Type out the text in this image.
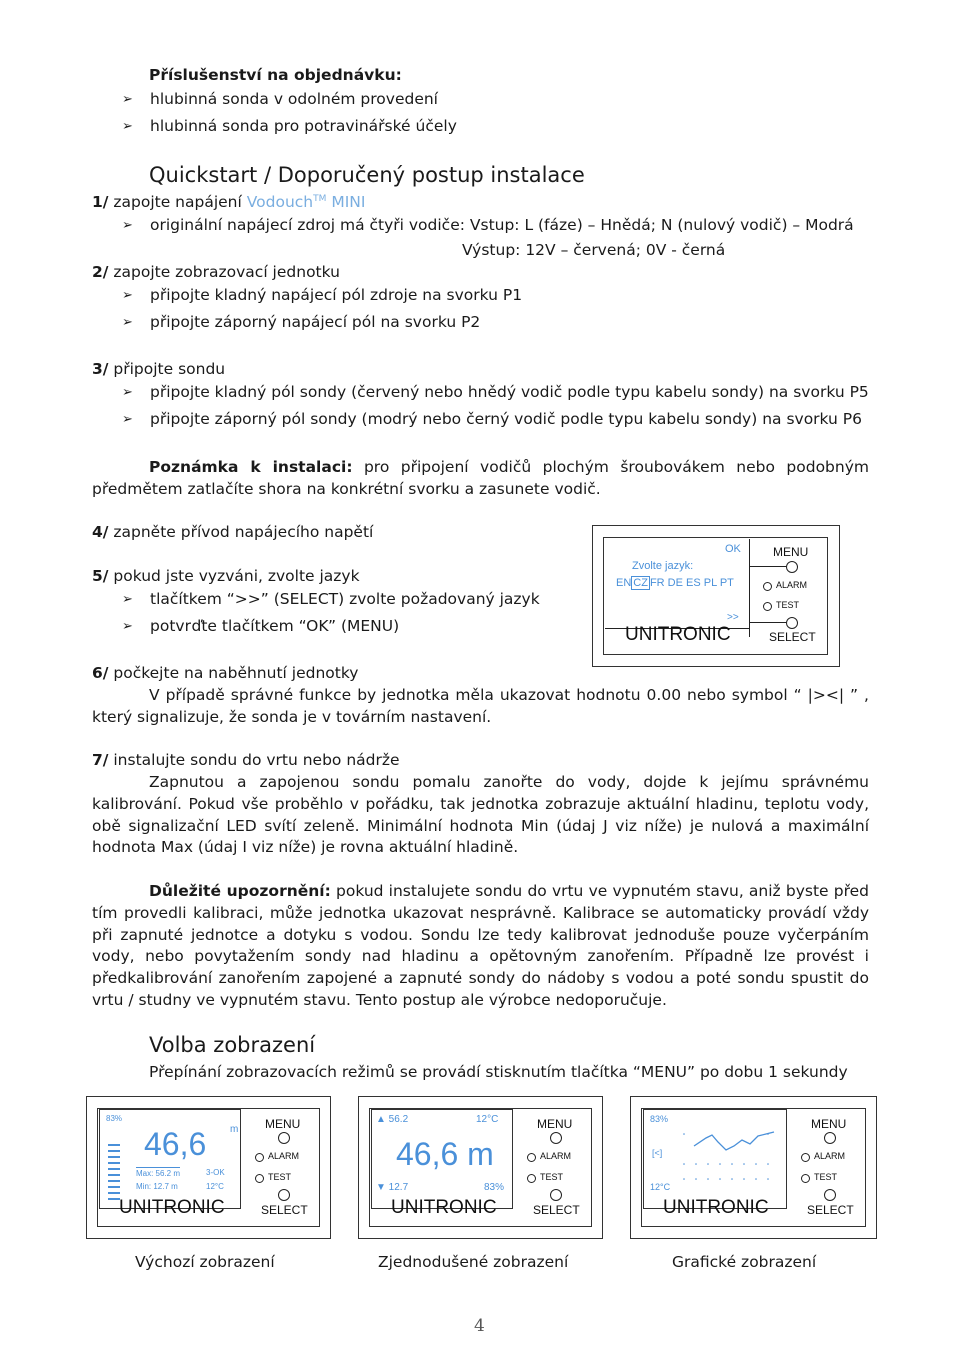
Příslušenství na objednávku:
➢ hlubinná sonda v odolném provedení
➢ hlubinná sonda pro potravinářské účely
Quickstart / Doporučený postup instalace
1/ zapojte napájení Vodouch™ MINI
➢ originální napájecí zdroj má čtyři vodiče: Vstup: L (fáze) – Hnědá; N (nulový vodič) – Modrá
Výstup: 12V – červená; 0V - černá
2/ zapojte zobrazovací jednotku
➢ připojte kladný napájecí pól zdroje na svorku P1
➢ připojte záporný napájecí pól na svorku P2
3/ připojte sondu
➢ připojte kladný pól sondy (červený nebo hnědý vodič podle typu kabelu sondy) na svorku P5
➢ připojte záporný pól sondy (modrý nebo černý vodič podle typu kabelu sondy) na svorku P6
Poznámka k instalaci: pro připojení vodičů plochým šroubovákem nebo podobným předmětem zatlačíte shora na konkrétní svorku a zasunete vodič.
4/ zapněte přívod napájecího napětí
5/ pokud jste vyzváni, zvolte jazyk
➢ tlačítkem “>>” (SELECT) zvolte požadovaný jazyk
➢ potvrďte tlačítkem “OK” (MENU)
OK
Zvolte jazyk:
EN CZ FR DE ES PL PT
>>
MENU
ALARM
TEST
UNITRONIC	SELECT
6/ počkejte na naběhnutí jednotky
V případě správné funkce by jednotka měla ukazovat hodnotu 0.00 nebo symbol “ |><| ” , který signalizuje, že sonda je v továrním nastavení.
7/ instalujte sondu do vrtu nebo nádrže
Zapnutou a zapojenou sondu pomalu zanořte do vody, dojde k jejímu správnému kalibrování. Pokud vše proběhlo v pořádku, tak jednotka zobrazuje aktuální hladinu, teplotu vody, obě signalizační LED svítí zeleně. Minimální hodnota Min (údaj J viz níže) je nulová a maximální hodnota Max (údaj I viz níže) je rovna aktuální hladině.
Důležité upozornění: pokud instalujete sondu do vrtu ve vypnutém stavu, aniž byste před tím provedli kalibraci, může jednotka ukazovat nesprávně. Kalibrace se automaticky provádí vždy při zapnuté jednotce a dotyku s vodou. Sondu lze tedy kalibrovat jednoduše pouze vyčerpáním vody, nebo povytažením sondy nad hladinu a opětovným zanořením. Případně lze provést i předkalibrování zanořením zapojené a zapnuté sondy do nádoby s vodou a poté sondu spustit do vrtu / studny ve vypnutém stavu. Tento postup ale výrobce nedoporučuje.
Volba zobrazení
Přepínání zobrazovacích režimů se provádí stisknutím tlačítka “MENU” po dobu 1 sekundy
83%
46,6 m
Max: 56.2 m	3-OK
Min: 12.7 m	12°C
MENU
ALARM
TEST
UNITRONIC	SELECT
▲ 56.2	12°C
46,6 m
▼ 12.7	83%
MENU
ALARM
TEST
UNITRONIC	SELECT
83%
[<]
12°C
MENU
ALARM
TEST
UNITRONIC	SELECT
Výchozí zobrazení	Zjednodušené zobrazení	Grafické zobrazení
4
